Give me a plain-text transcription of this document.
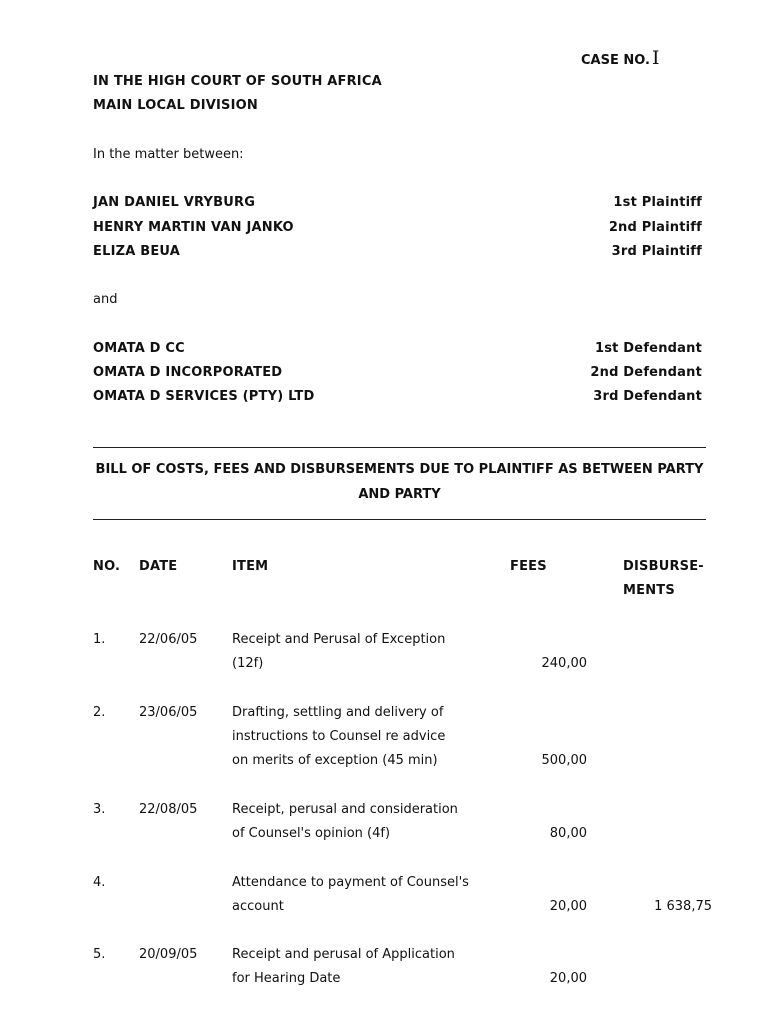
CASE NO. I
IN THE HIGH COURT OF SOUTH AFRICA
MAIN LOCAL DIVISION
In the matter between:
JAN DANIEL VRYBURG	1st Plaintiff
HENRY MARTIN VAN JANKO	2nd Plaintiff
ELIZA BEUA	3rd Plaintiff
and
OMATA D CC	1st Defendant
OMATA D INCORPORATED	2nd Defendant
OMATA D SERVICES (PTY) LTD	3rd Defendant
BILL OF COSTS, FEES AND DISBURSEMENTS DUE TO PLAINTIFF AS BETWEEN PARTY
AND PARTY
NO. DATE	ITEM	FEES	DISBURSE-
MENTS
1.	22/06/05	Receipt and Perusal of Exception
(12f)	240,00
2.	23/06/05	Drafting, settling and delivery of
instructions to Counsel re advice
on merits of exception (45 min)	500,00
3.	22/08/05	Receipt, perusal and consideration
of Counsel's opinion (4f)	80,00
4.	Attendance to payment of Counsel's
account	20,00	1 638,75
5.	20/09/05	Receipt and perusal of Application
for Hearing Date	20,00
